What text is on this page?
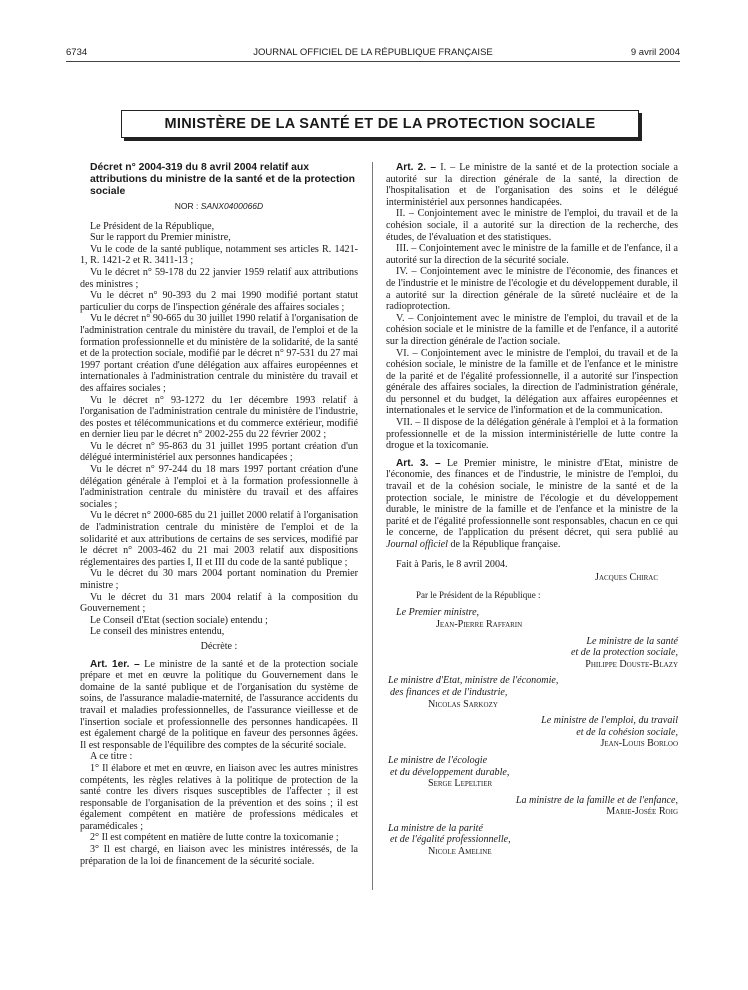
6734	JOURNAL OFFICIEL DE LA RÉPUBLIQUE FRANÇAISE	9 avril 2004
MINISTÈRE DE LA SANTÉ ET DE LA PROTECTION SOCIALE
Décret n° 2004-319 du 8 avril 2004 relatif aux attributions du ministre de la santé et de la protection sociale
NOR : SANX0400066D

Le Président de la République,

Sur le rapport du Premier ministre,

Vu le code de la santé publique, notamment ses articles R. 1421-1, R. 1421-2 et R. 3411-13 ;

Vu le décret n° 59-178 du 22 janvier 1959 relatif aux attributions des ministres ;

Vu le décret n° 90-393 du 2 mai 1990 modifié portant statut particulier du corps de l'inspection générale des affaires sociales ;

Vu le décret n° 90-665 du 30 juillet 1990 relatif à l'organisation de l'administration centrale du ministère du travail, de l'emploi et de la formation professionnelle et du ministère de la solidarité, de la santé et de la protection sociale, modifié par le décret n° 97-531 du 27 mai 1997 portant création d'une délégation aux affaires européennes et internationales à l'administration centrale du ministère du travail et des affaires sociales ;

Vu le décret n° 93-1272 du 1er décembre 1993 relatif à l'organisation de l'administration centrale du ministère de l'industrie, des postes et télécommunications et du commerce extérieur, modifié en dernier lieu par le décret n° 2002-255 du 22 février 2002 ;

Vu le décret n° 95-863 du 31 juillet 1995 portant création d'un délégué interministériel aux personnes handicapées ;

Vu le décret n° 97-244 du 18 mars 1997 portant création d'une délégation générale à l'emploi et à la formation professionnelle à l'administration centrale du ministère du travail et des affaires sociales ;

Vu le décret n° 2000-685 du 21 juillet 2000 relatif à l'organisation de l'administration centrale du ministère de l'emploi et de la solidarité et aux attributions de certains de ses services, modifié par le décret n° 2003-462 du 21 mai 2003 relatif aux dispositions réglementaires des parties I, II et III du code de la santé publique ;

Vu le décret du 30 mars 2004 portant nomination du Premier ministre ;

Vu le décret du 31 mars 2004 relatif à la composition du Gouvernement ;

Le Conseil d'Etat (section sociale) entendu ;

Le conseil des ministres entendu,

Décrète :

Art. 1er. – Le ministre de la santé et de la protection sociale prépare et met en œuvre la politique du Gouvernement dans le domaine de la santé publique et de l'organisation du système de soins, de l'assurance maladie-maternité, de l'assurance accidents du travail et maladies professionnelles, de l'assurance vieillesse et de l'insertion sociale et professionnelle des personnes handicapées. Il est également chargé de la politique en faveur des personnes âgées. Il est responsable de l'équilibre des comptes de la sécurité sociale.

A ce titre :

1° Il élabore et met en œuvre, en liaison avec les autres ministres compétents, les règles relatives à la politique de protection de la santé contre les divers risques susceptibles de l'affecter ; il est responsable de l'organisation de la prévention et des soins ; il est également compétent en matière de professions médicales et paramédicales ;

2° Il est compétent en matière de lutte contre la toxicomanie ;

3° Il est chargé, en liaison avec les ministres intéressés, de la préparation de la loi de financement de la sécurité sociale.

Art. 2. – I. – Le ministre de la santé et de la protection sociale a autorité sur la direction générale de la santé, la direction de l'hospitalisation et de l'organisation des soins et le délégué interministériel aux personnes handicapées.

II. – Conjointement avec le ministre de l'emploi, du travail et de la cohésion sociale, il a autorité sur la direction de la recherche, des études, de l'évaluation et des statistiques.

III. – Conjointement avec le ministre de la famille et de l'enfance, il a autorité sur la direction de la sécurité sociale.

IV. – Conjointement avec le ministre de l'économie, des finances et de l'industrie et le ministre de l'écologie et du développement durable, il a autorité sur la direction générale de la sûreté nucléaire et de la radioprotection.

V. – Conjointement avec le ministre de l'emploi, du travail et de la cohésion sociale et le ministre de la famille et de l'enfance, il a autorité sur la direction générale de l'action sociale.

VI. – Conjointement avec le ministre de l'emploi, du travail et de la cohésion sociale, le ministre de la famille et de l'enfance et le ministre de la parité et de l'égalité professionnelle, il a autorité sur l'inspection générale des affaires sociales, la direction de l'administration générale, du personnel et du budget, la délégation aux affaires européennes et internationales et le service de l'information et de la communication.

VII. – Il dispose de la délégation générale à l'emploi et à la formation professionnelle et de la mission interministérielle de lutte contre la drogue et la toxicomanie.

Art. 3. – Le Premier ministre, le ministre d'Etat, ministre de l'économie, des finances et de l'industrie, le ministre de l'emploi, du travail et de la cohésion sociale, le ministre de la santé et de la protection sociale, le ministre de l'écologie et du développement durable, le ministre de la famille et de l'enfance et la ministre de la parité et de l'égalité professionnelle sont responsables, chacun en ce qui le concerne, de l'application du présent décret, qui sera publié au Journal officiel de la République française.

Fait à Paris, le 8 avril 2004.

Jacques Chirac

Par le Président de la République :

Le Premier ministre,
Jean-Pierre Raffarin
Le ministre de la santé
et de la protection sociale,
Philippe Douste-Blazy
Le ministre d'Etat, ministre de l'économie,
des finances et de l'industrie,
Nicolas Sarkozy
Le ministre de l'emploi, du travail
et de la cohésion sociale,
Jean-Louis Borloo
Le ministre de l'écologie
et du développement durable,
Serge Lepeltier
La ministre de la famille et de l'enfance,
Marie-Josée Roig
La ministre de la parité
et de l'égalité professionnelle,
Nicole Ameline
